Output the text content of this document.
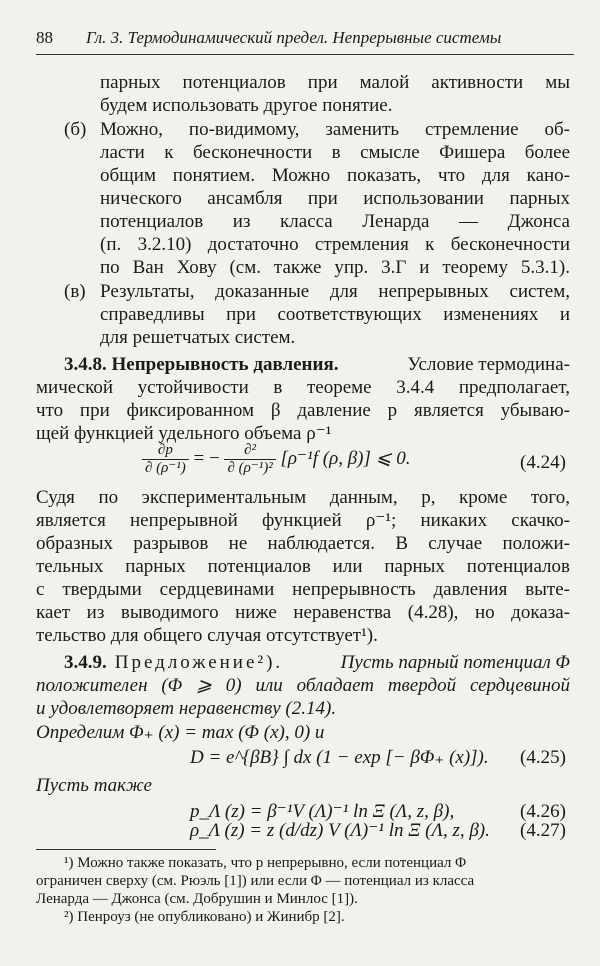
88 Гл. 3. Термодинамический предел. Непрерывные системы
парных потенциалов при малой активности мы
будем использовать другое понятие.
(б) Можно, по-видимому, заменить стремление об-
ласти к бесконечности в смысле Фишера более
общим понятием. Можно показать, что для кано-
нического ансамбля при использовании парных
потенциалов из класса Ленарда — Джонса
(п. 3.2.10) достаточно стремления к бесконечности
по Ван Хову (см. также упр. 3.Г и теорему 5.3.1).
(в) Результаты, доказанные для непрерывных систем,
справедливы при соответствующих изменениях и
для решетчатых систем.
3.4.8. Непрерывность давления.	Условие термодина-
мической устойчивости в теореме 3.4.4 предполагает,
что при фиксированном β давление p является убываю-
щей функцией удельного объема ρ⁻¹
$\frac{\partial p}{\text{∂ (ρ⁻¹)}}$ = − $\frac{\text{∂²}}{\text{∂ (ρ⁻¹)²}} [\rho^{-1}f$ (ρ, β)] ⩽ 0.	(4.24)
Судя по экспериментальным данным, p, кроме того,
является непрерывной функцией ρ⁻¹; никаких скачко-
образных разрывов не наблюдается. В случае положи-
тельных парных потенциалов или парных потенциалов
с твердыми сердцевинами непрерывность давления выте-
кает из выводимого ниже неравенства (4.28), но доказа-
тельство для общего случая отсутствует¹).
3.4.9. Предложение²).	Пусть парный потенциал Φ
положителен (Φ ⩾ 0) или обладает твердой сердцевиной
и удовлетворяет неравенству (2.14).
Определим Φ₊ (x) = max (Φ (x), 0) и
D = e^{βB} ∫ dx (1 − exp [− βΦ₊ (x)]). (4.25)
Пусть также
p_Λ (z) = β⁻¹V (Λ)⁻¹ ln Ξ (Λ, z, β),	(4.26)
ρ_Λ (z) = z (d/dz) V (Λ)⁻¹ ln Ξ (Λ, z, β). (4.27)
¹) Можно также показать, что p непрерывно, если потенциал Φ
ограничен сверху (см. Рюэль [1]) или если Φ — потенциал из класса
Ленарда — Джонса (см. Добрушин и Минлос [1]).
²) Пенроуз (не опубликовано) и Жинибр [2].
